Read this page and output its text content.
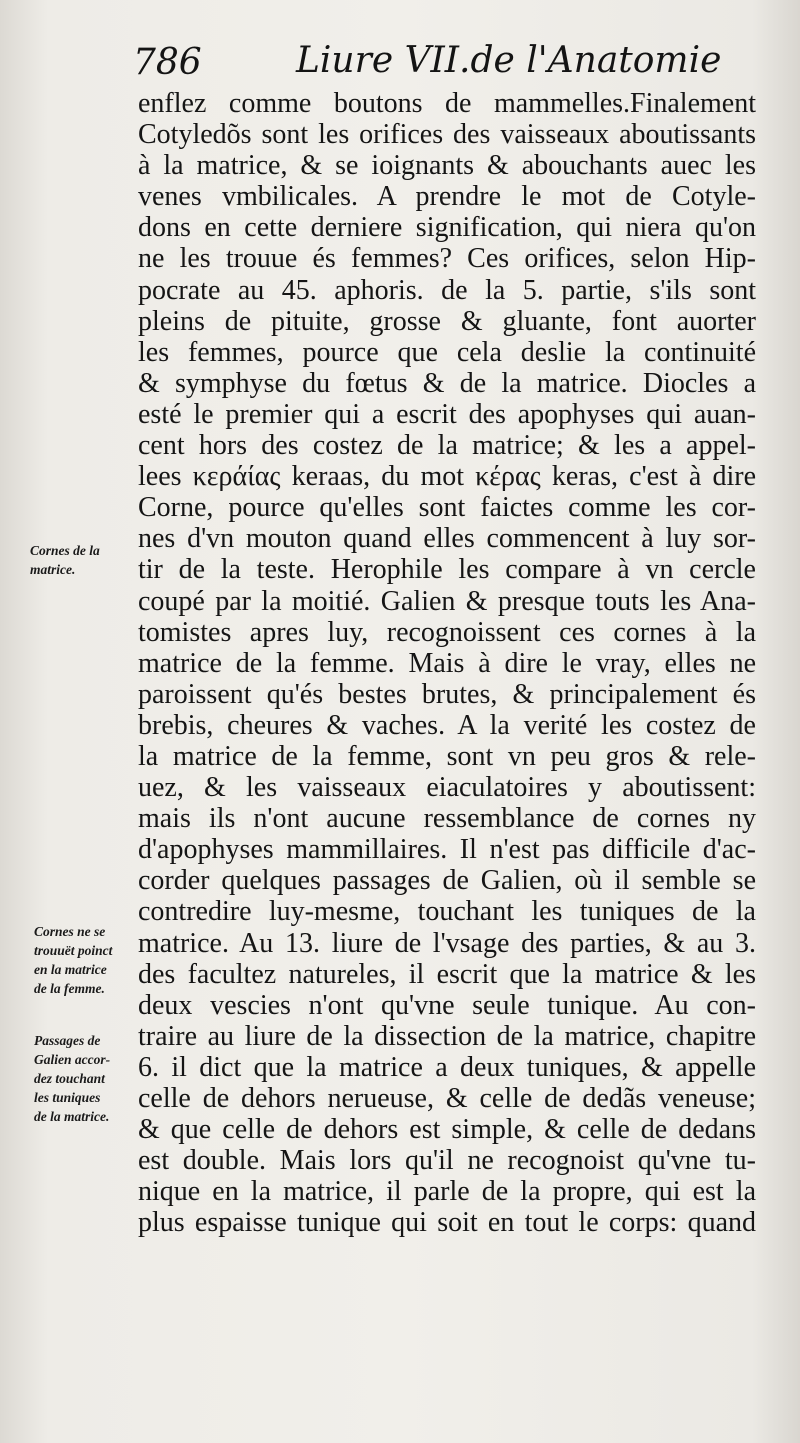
786	Liure VII.de l'Anatomie
enflez comme boutons de mammelles.Finalement
Cotyledõs sont les orifices des vaisseaux aboutissants
à la matrice, & se ioignants & abouchants auec les
venes vmbilicales. A prendre le mot de Cotyle-
dons en cette derniere signification, qui niera qu'on
ne les trouue és femmes? Ces orifices, selon Hip-
pocrate au 45. aphoris. de la 5. partie, s'ils sont
pleins de pituite, grosse & gluante, font auorter
les femmes, pource que cela deslie la continuité
& symphyse du fœtus & de la matrice. Diocles a
esté le premier qui a escrit des apophyses qui auan-
cent hors des costez de la matrice; & les a appel-
lees κεράίας keraas, du mot κέρας keras, c'est à dire
Corne, pource qu'elles sont faictes comme les cor-
nes d'vn mouton quand elles commencent à luy sor-
tir de la teste. Herophile les compare à vn cercle
coupé par la moitié. Galien & presque touts les Ana-
tomistes apres luy, recognoissent ces cornes à la
matrice de la femme. Mais à dire le vray, elles ne
paroissent qu'és bestes brutes, & principalement és
brebis, cheures & vaches. A la verité les costez de
la matrice de la femme, sont vn peu gros & rele-
uez, & les vaisseaux eiaculatoires y aboutissent:
mais ils n'ont aucune ressemblance de cornes ny
d'apophyses mammillaires. Il n'est pas difficile d'ac-
corder quelques passages de Galien, où il semble se
contredire luy-mesme, touchant les tuniques de la
matrice. Au 13. liure de l'vsage des parties, & au 3.
des facultez natureles, il escrit que la matrice & les
deux vescies n'ont qu'vne seule tunique. Au con-
traire au liure de la dissection de la matrice, chapitre
6. il dict que la matrice a deux tuniques, & appelle
celle de dehors nerueuse, & celle de dedãs veneuse;
& que celle de dehors est simple, & celle de dedans
est double. Mais lors qu'il ne recognoist qu'vne tu-
nique en la matrice, il parle de la propre, qui est la
plus espaisse tunique qui soit en tout le corps: quand
Cornes de la
matrice.
Cornes ne se
trouuët poinct
en la matrice
de la femme.
Passages de
Galien accor-
dez touchant
les tuniques
de la matrice.
